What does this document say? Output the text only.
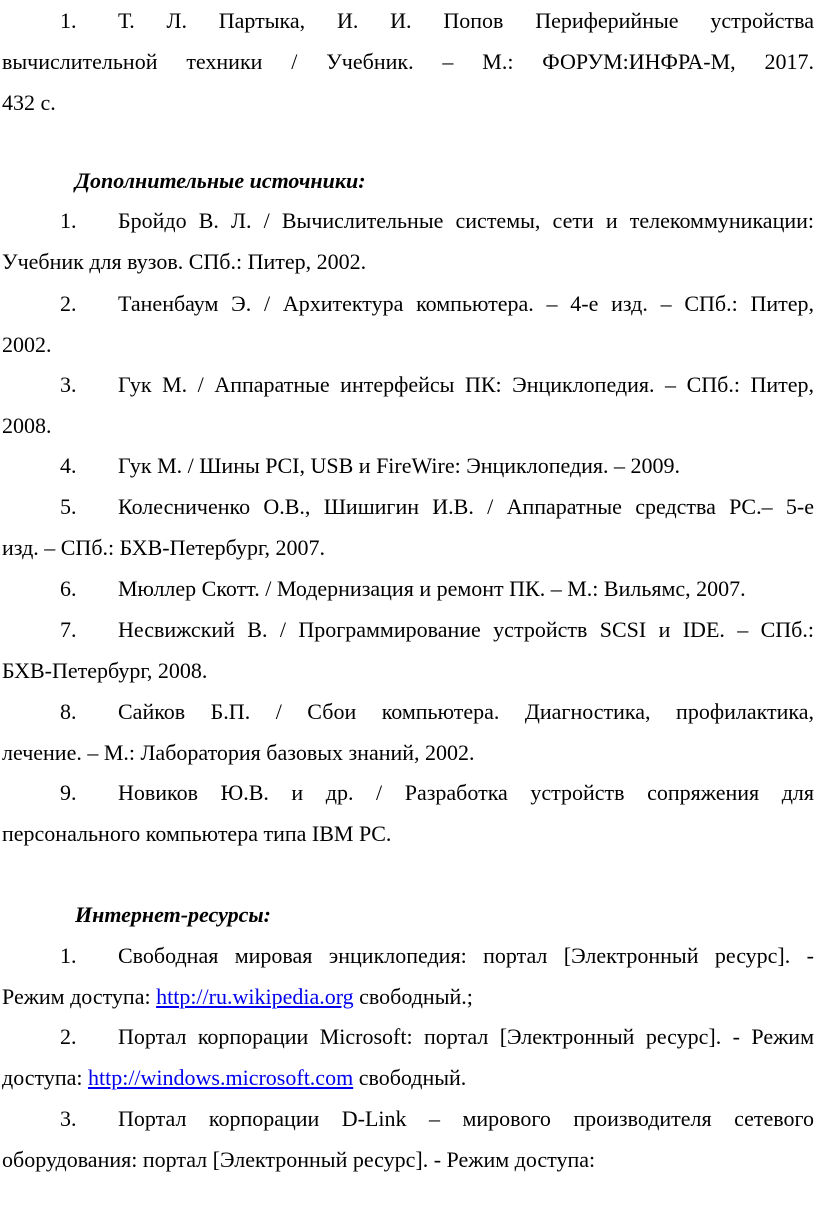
1. Т. Л. Партыка, И. И. Попов Периферийные устройства
вычислительной техники / Учебник. – М.: ФОРУМ:ИНФРА-М, 2017.
432 с.

Дополнительные источники:

1. Бройдо В. Л. / Вычислительные системы, сети и телекоммуникации:
Учебник для вузов. СПб.: Питер, 2002.

2. Таненбаум Э. / Архитектура компьютера. – 4-е изд. – СПб.: Питер,
2002.

3. Гук М. / Аппаратные интерфейсы ПК: Энциклопедия. – СПб.: Питер,
2008.

4. Гук М. / Шины PCI, USB и FireWire: Энциклопедия. – 2009.

5. Колесниченко О.В., Шишигин И.В. / Аппаратные средства PC.– 5-е
изд. – СПб.: БХВ-Петербург, 2007.

6. Мюллер Скотт. / Модернизация и ремонт ПК. – М.: Вильямс, 2007.

7. Несвижский В. / Программирование устройств SCSI и IDE. – СПб.:
БХВ-Петербург, 2008.

8. Сайков Б.П. / Сбои компьютера. Диагностика, профилактика,
лечение. – М.: Лаборатория базовых знаний, 2002.

9. Новиков Ю.В. и др. / Разработка устройств сопряжения для
персонального компьютера типа IBM PC.

Интернет-ресурсы:

1. Свободная мировая энциклопедия: портал [Электронный ресурс]. -
Режим доступа: http://ru.wikipedia.org свободный.;

2. Портал корпорации Microsoft: портал [Электронный ресурс]. - Режим
доступа: http://windows.microsoft.com свободный.

3. Портал корпорации D-Link – мирового производителя сетевого
оборудования: портал [Электронный ресурс]. - Режим доступа:
